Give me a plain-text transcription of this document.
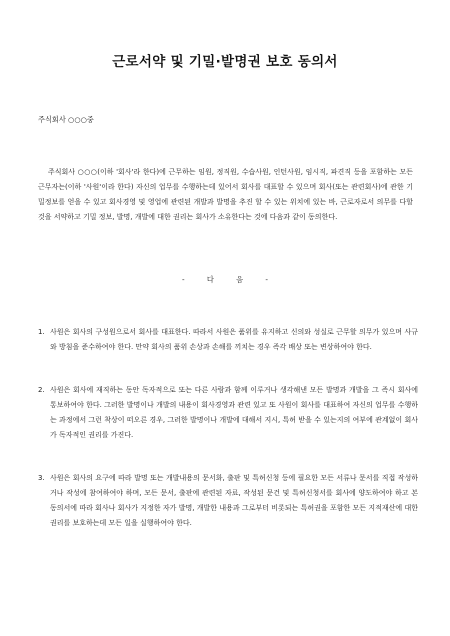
근로서약 및 기밀·발명권 보호 동의서
주식회사 ○○○중

주식회사 ○○○(이하 '회사'라 한다)에 근무하는 임원, 정직원, 수습사원, 인턴사원, 임시직, 파견직 등을 포함하는 모든 근무자는(이하 '사원'이라 한다) 자신의 업무를 수행하는데 있어서 회사를 대표할 수 있으며 회사(또는 관련회사)에 관한 기밀정보를 얻을 수 있고 회사경영 및 영업에 관련된 개발과 발명을 추진 할 수 있는 위치에 있는 바, 근로자로서 의무를 다할 것을 서약하고 기밀 정보, 발명, 개발에 대한 권리는 회사가 소유한다는 것에 다음과 같이 동의한다.

- 다 음 -
1. 사원은 회사의 구성원으로서 회사를 대표한다. 따라서 사원은 품위를 유지하고 신의와 성실로 근무할 의무가 있으며 사규와 방침을 준수하여야 한다. 만약 회사의 품위 손상과 손해를 끼치는 경우 즉각 배상 또는 변상하여야 한다.
2. 사원은 회사에 재직하는 동안 독자적으로 또는 다른 사람과 함께 이루거나 생각해낸 모든 발명과 개발을 그 즉시 회사에 통보하여야 한다. 그러한 발명이나 개발의 내용이 회사경영과 관련 있고 또 사원이 회사를 대표하여 자신의 업무를 수행하는 과정에서 그런 착상이 떠오른 경우, 그러한 발명이나 개발에 대해서 지시, 특허 받을 수 있는지의 여부에 관계없이 회사가 독자적인 권리를 가진다.
3. 사원은 회사의 요구에 따라 발명 또는 개발내용의 문서화, 출판 및 특허신청 등에 필요한 모든 서류나 문서를 직접 작성하거나 작성에 참여하여야 하며, 모든 문서, 출판에 관련된 자료, 작성된 문건 및 특허신청서를 회사에 양도하여야 하고 본 동의서에 따라 회사나 회사가 지정한 자가 발명, 개발한 내용과 그로부터 비롯되는 특허권을 포함한 모든 지적재산에 대한 권리를 보호하는데 모든 일을 실행하여야 한다.
